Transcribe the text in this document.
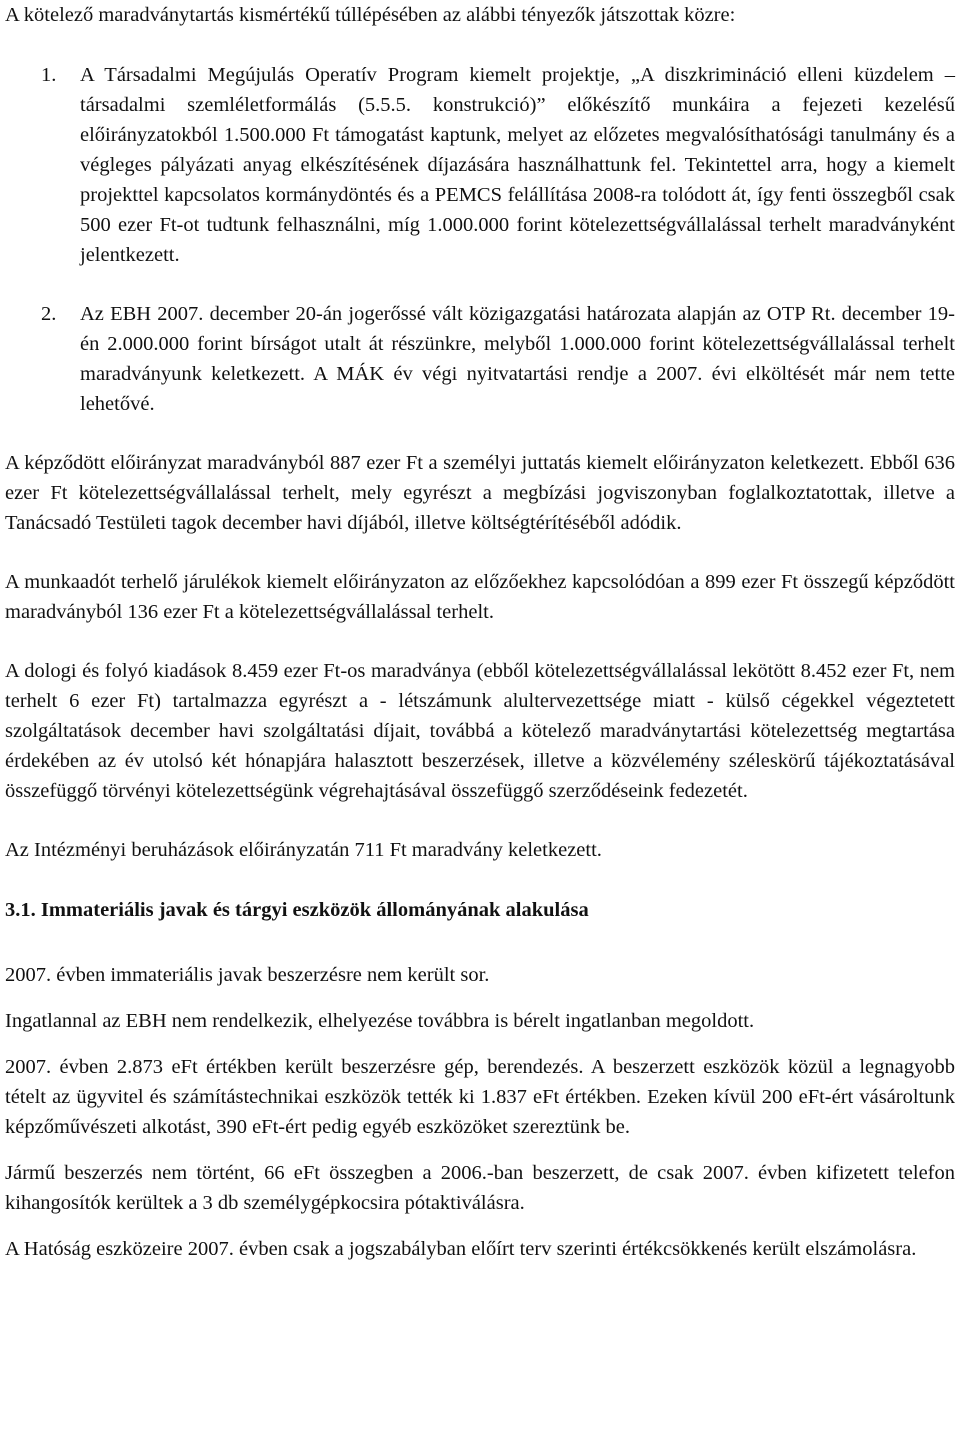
A kötelező maradványtartás kismértékű túllépésében az alábbi tényezők játszottak közre:

1. A Társadalmi Megújulás Operatív Program kiemelt projektje, „A diszkrimináció elleni küzdelem – társadalmi szemléletformálás (5.5.5. konstrukció)” előkészítő munkáira a fejezeti kezelésű előirányzatokból 1.500.000 Ft támogatást kaptunk, melyet az előzetes megvalósíthatósági tanulmány és a végleges pályázati anyag elkészítésének díjazására használhattunk fel. Tekintettel arra, hogy a kiemelt projekttel kapcsolatos kormánydöntés és a PEMCS felállítása 2008-ra tolódott át, így fenti összegből csak 500 ezer Ft-ot tudtunk felhasználni, míg 1.000.000 forint kötelezettségvállalással terhelt maradványként jelentkezett.
2. Az EBH 2007. december 20-án jogerőssé vált közigazgatási határozata alapján az OTP Rt. december 19-én 2.000.000 forint bírságot utalt át részünkre, melyből 1.000.000 forint kötelezettségvállalással terhelt maradványunk keletkezett. A MÁK év végi nyitvatartási rendje a 2007. évi elköltését már nem tette lehetővé.

A képződött előirányzat maradványból 887 ezer Ft a személyi juttatás kiemelt előirányzaton keletkezett. Ebből 636 ezer Ft kötelezettségvállalással terhelt, mely egyrészt a megbízási jogviszonyban foglalkoztatottak, illetve a Tanácsadó Testületi tagok december havi díjából, illetve költségtérítéséből adódik.

A munkaadót terhelő járulékok kiemelt előirányzaton az előzőekhez kapcsolódóan a 899 ezer Ft összegű képződött maradványból 136 ezer Ft a kötelezettségvállalással terhelt.

A dologi és folyó kiadások 8.459 ezer Ft-os maradványa (ebből kötelezettségvállalással lekötött 8.452 ezer Ft, nem terhelt 6 ezer Ft) tartalmazza egyrészt a - létszámunk alultervezettsége miatt - külső cégekkel végeztetett szolgáltatások december havi szolgáltatási díjait, továbbá a kötelező maradványtartási kötelezettség megtartása érdekében az év utolsó két hónapjára halasztott beszerzések, illetve a közvélemény széleskörű tájékoztatásával összefüggő törvényi kötelezettségünk végrehajtásával összefüggő szerződéseink fedezetét.

Az Intézményi beruházások előirányzatán 711 Ft maradvány keletkezett.

3.1. Immateriális javak és tárgyi eszközök állományának alakulása

2007. évben immateriális javak beszerzésre nem került sor.

Ingatlannal az EBH nem rendelkezik, elhelyezése továbbra is bérelt ingatlanban megoldott.

2007. évben 2.873 eFt értékben került beszerzésre gép, berendezés. A beszerzett eszközök közül a legnagyobb tételt az ügyvitel és számítástechnikai eszközök tették ki 1.837 eFt értékben. Ezeken kívül 200 eFt-ért vásároltunk képzőművészeti alkotást, 390 eFt-ért pedig egyéb eszközöket szereztünk be.

Jármű beszerzés nem történt, 66 eFt összegben a 2006.-ban beszerzett, de csak 2007. évben kifizetett telefon kihangosítók kerültek a 3 db személygépkocsira pótaktiválásra.

A Hatóság eszközeire 2007. évben csak a jogszabályban előírt terv szerinti értékcsökkenés került elszámolásra.
